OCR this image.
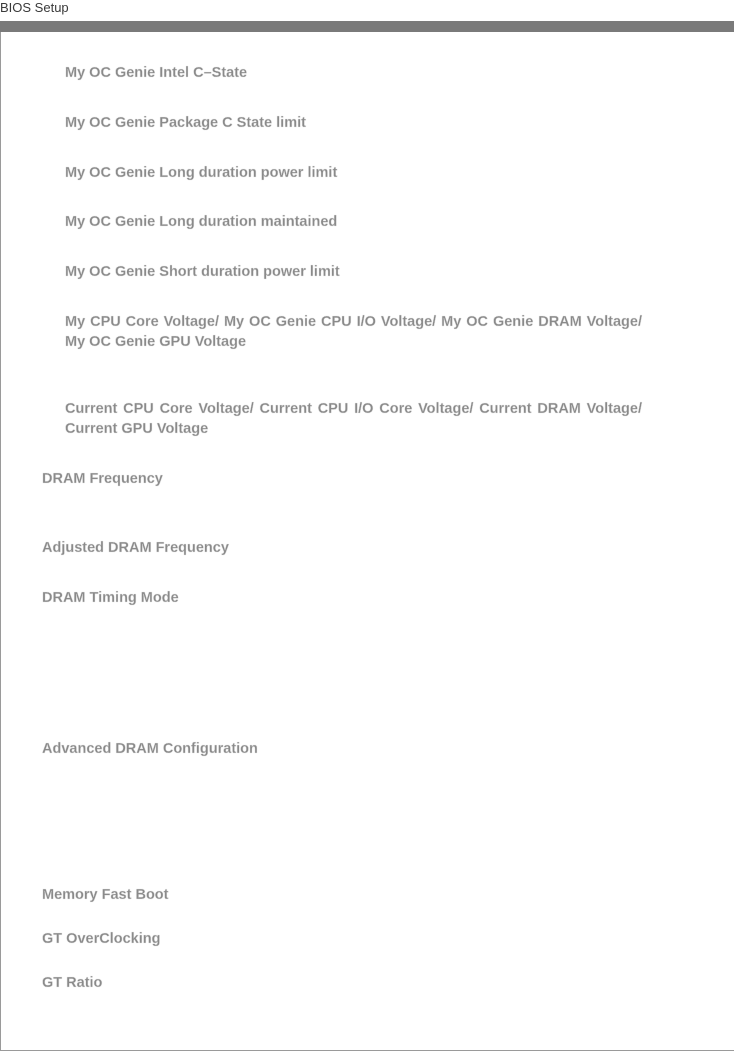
BIOS Setup
My OC Genie Intel C–State
My OC Genie Package C State limit
My OC Genie Long duration power limit
My OC Genie Long duration maintained
My OC Genie Short duration power limit
My CPU Core Voltage/ My OC Genie CPU I/O Voltage/ My OC Genie DRAM Voltage/ My OC Genie GPU Voltage
Current CPU Core Voltage/ Current CPU I/O Core Voltage/ Current DRAM Voltage/ Current GPU Voltage
DRAM Frequency
Adjusted DRAM Frequency
DRAM Timing Mode
Advanced DRAM Configuration
Memory Fast Boot
GT OverClocking
GT Ratio
